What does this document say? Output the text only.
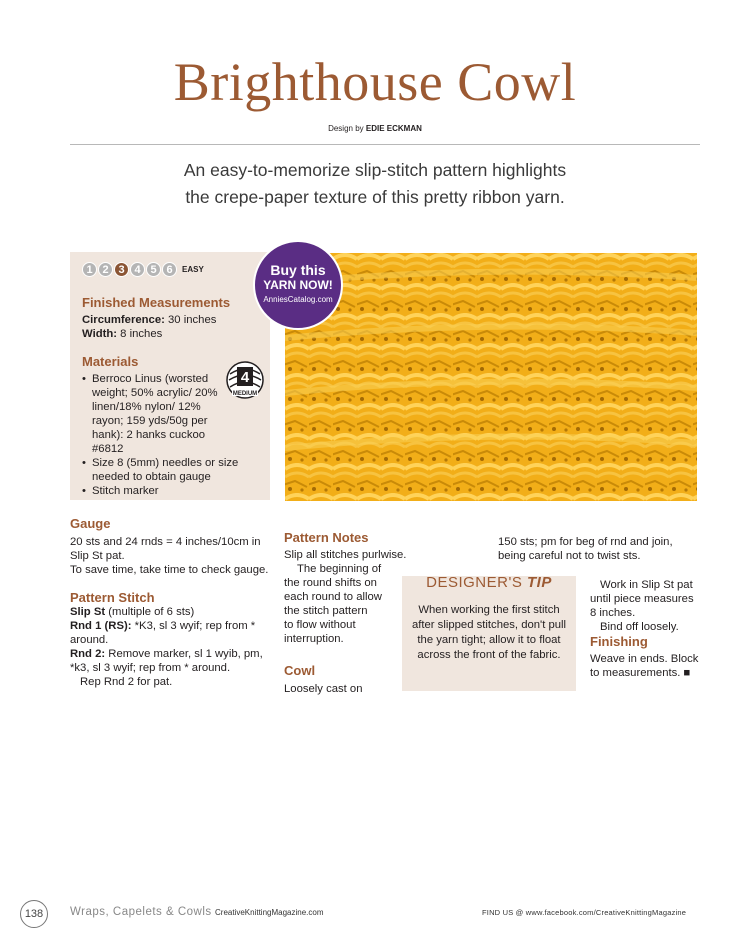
Brighthouse Cowl
Design by EDIE ECKMAN
An easy-to-memorize slip-stitch pattern highlights
the crepe-paper texture of this pretty ribbon yarn.
1 2 3 4 5 6	EASY
Finished Measurements
Circumference: 30 inches
Width: 8 inches
Materials
4
MEDIUM
• Berroco Linus (worsted weight; 50% acrylic/ 20% linen/18% nylon/ 12% rayon; 159 yds/50g per hank): 2 hanks cuckoo #6812
• Size 8 (5mm) needles or size needed to obtain gauge
• Stitch marker
Buy this
YARN NOW!
AnniesCatalog.com
Gauge
20 sts and 24 rnds = 4 inches/10cm in Slip St pat.
To save time, take time to check gauge.
Pattern Stitch

Slip St (multiple of 6 sts)

Rnd 1 (RS): *K3, sl 3 wyif; rep from * around.

Rnd 2: Remove marker, sl 1 wyib, pm, *k3, sl 3 wyif; rep from * around.

Rep Rnd 2 for pat.

Pattern Notes

Slip all stitches purlwise.

The beginning of

the round shifts on

each round to allow

the stitch pattern

to flow without

interruption.

Cowl
Loosely cast on
DESIGNER'S TIP
When working the first stitch after slipped stitches, don't pull the yarn tight; allow it to float across the front of the fabric.

150 sts; pm for beg of rnd and join, being careful not to twist sts.

Work in Slip St pat

until piece measures

8 inches.

Bind off loosely.

Finishing
Weave in ends. Block to measurements. ■
138	Wraps, Capelets & Cowls CreativeKnittingMagazine.com	FIND US @ www.facebook.com/CreativeKnittingMagazine
